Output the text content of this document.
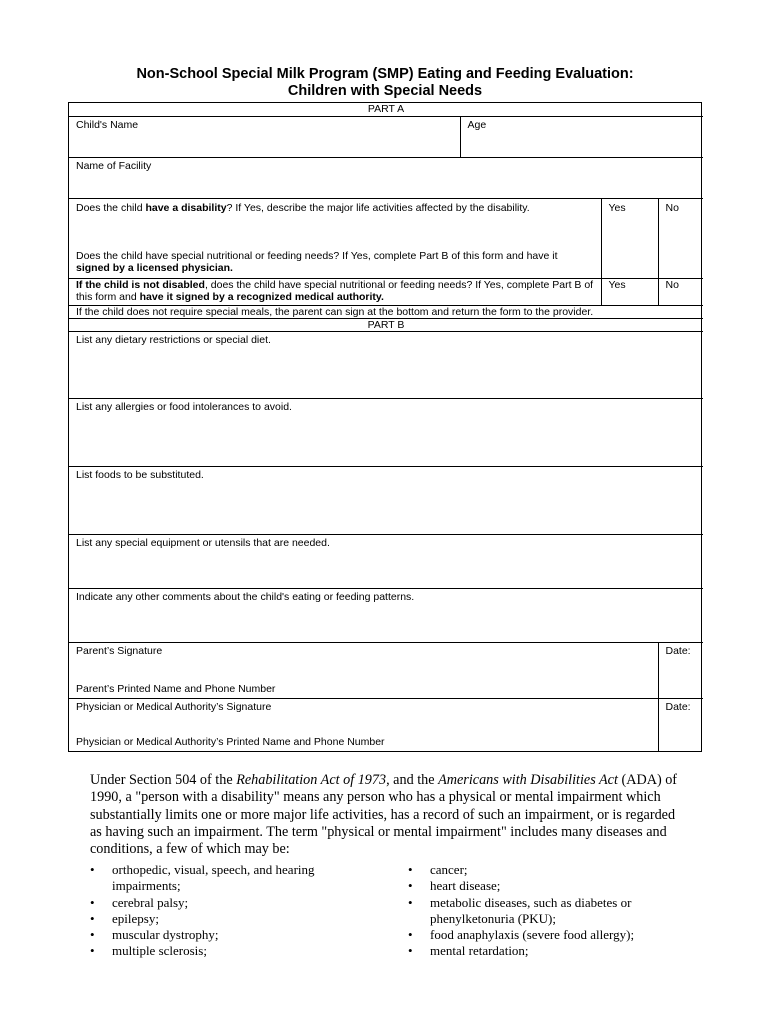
Non-School Special Milk Program (SMP) Eating and Feeding Evaluation:
Children with Special Needs
PART A			
Child's Name	Age		
Name of Facility			
Does the child have a disability? If Yes, describe the major life activities affected by the disability.		Yes	No
Does the child have special nutritional or feeding needs? If Yes, complete Part B of this form and have it signed by a licensed physician.			
If the child is not disabled, does the child have special nutritional or feeding needs? If Yes, complete Part B of this form and have it signed by a recognized medical authority.		Yes	No
If the child does not require special meals, the parent can sign at the bottom and return the form to the provider.			
PART B			
List any dietary restrictions or special diet.			
List any allergies or food intolerances to avoid.			
List foods to be substituted.			
List any special equipment or utensils that are needed.			
Indicate any other comments about the child's eating or feeding patterns.			
Parent’s Signature
Parent’s Printed Name and Phone Number			Date:
Physician or Medical Authority’s Signature
Physician or Medical Authority’s Printed Name and Phone Number			Date:
Under Section 504 of the Rehabilitation Act of 1973, and the Americans with Disabilities Act (ADA) of 1990, a "person with a disability" means any person who has a physical or mental impairment which substantially limits one or more major life activities, has a record of such an impairment, or is regarded as having such an impairment. The term "physical or mental impairment" includes many diseases and conditions, a few of which may be:
• orthopedic, visual, speech, and hearing impairments;
• cerebral palsy;
• epilepsy;
• muscular dystrophy;
• multiple sclerosis;
• cancer;
• heart disease;
• metabolic diseases, such as diabetes or phenylketonuria (PKU);
• food anaphylaxis (severe food allergy);
• mental retardation;
